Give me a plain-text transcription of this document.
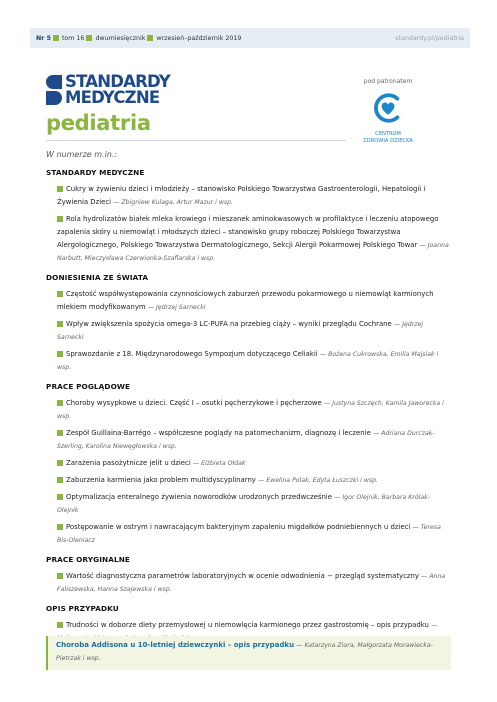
Nr 5 tom 16 dwumiesięcznik wrzesień–październik 2019	standardy.pl/pediatria
STANDARDY
MEDYCZNE
pediatria
pod patronatem
CENTRUM
ZDROWIA DZIECKA
W numerze m.in.:
STANDARDY MEDYCZNE
Cukry w żywieniu dzieci i młodzieży – stanowisko Polskiego Towarzystwa Gastroenterologii, Hepatologii i Żywienia Dzieci — Zbigniew Kulaga, Artur Mazur i wsp.
Rola hydrolizatów białek mleka krowiego i mieszanek aminokwasowych w profilaktyce i leczeniu atopowego zapalenia skóry u niemowląt i młodszych dzieci – stanowisko grupy roboczej Polskiego Towarzystwa Alergologicznego, Polskiego Towarzystwa Dermatologicznego, Sekcji Alergii Pokarmowej Polskiego Towar — Joanna Narbutt, Mieczysława Czerwionka-Szaflarska i wsp.
DONIESIENIA ZE ŚWIATA
Częstość współwystępowania czynnościowych zaburzeń przewodu pokarmowego u niemowląt karmionych mlekiem modyfikowanym — Jędrzej Sarnecki
Wpływ zwiększenia spożycia omega-3 LC-PUFA na przebieg ciąży – wyniki przeglądu Cochrane — Jędrzej Sarnecki
Sprawozdanie z 18. Międzynarodowego Sympozjum dotyczącego Celiakii — Bożena Cukrowska, Emilia Majsiak i wsp.
PRACE POGLĄDOWE
Choroby wysypkowe u dzieci. Część I – osutki pęcherzykowe i pęcherzowe — Justyna Szczęch, Kamila Jaworecka i wsp.
Zespół Guillaina-Barrégo – współczesne poglądy na patomechanizm, diagnozę i leczenie — Adriana Durczak-Szerling, Karolina Niewęgłowska i wsp.
Zarażenia pasożytnicze jelit u dzieci — Elżbieta Ołdak
Zaburzenia karmienia jako problem multidyscyplinarny — Ewelina Polak, Edyta Łuszczki i wsp.
Optymalizacja enteralnego żywienia noworodków urodzonych przedwcześnie — Igor Olejnik, Barbara Królak-Olejnik
Postępowanie w ostrym i nawracającym bakteryjnym zapaleniu migdałków podniebiennych u dzieci — Teresa Bis-Oleniacz
PRACE ORYGINALNE
Wartość diagnostyczna parametrów laboratoryjnych w ocenie odwodnienia − przegląd systematyczny — Anna Faliszewska, Hanna Szajewska i wsp.
OPIS PRZYPADKU
Trudności w doborze diety przemysłowej u niemowlęcia karmionego przez gastrostomię – opis przypadku —
Choroba Addisona u 10-letniej dziewczynki – opis przypadku — Katarzyna Ziora, Małgorzata Morawiecka-Pietrzak i wsp.
